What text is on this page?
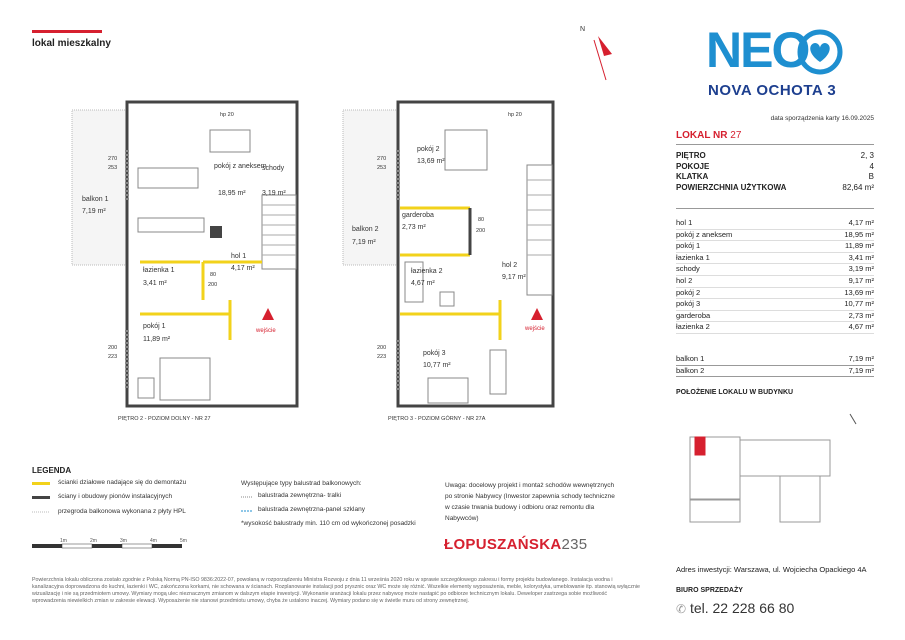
lokal mieszkalny
pokój z aneksem
18,95 m²
schody
3,19 m²
balkon 1
7,19 m²
hol 1
4,17 m²
łazienka 1
3,41 m²
pokój 1
11,89 m²
hp 20
270
253
200
223
80
200
wejście
PIĘTRO 2 - POZIOM DOLNY - NR 27
pokój 2
13,69 m²
balkon 2
7,19 m²
garderoba
2,73 m²
łazienka 2
4,67 m²
hol 2
9,17 m²
pokój 3
10,77 m²
hp 20
270
253
200
223
80
200
wejście
PIĘTRO 3 - POZIOM GÓRNY - NR 27A
N NEO
NOVA OCHOTA 3
data sporządzenia karty 16.09.2025
LOKAL NR 27
PIĘTRO	2, 3
POKOJE	4
KLATKA	B
POWIERZCHNIA UŻYTKOWA	82,64 m²
hol 1	4,17 m²
pokój z aneksem	18,95 m²
pokój 1	11,89 m²
łazienka 1	3,41 m²
schody	3,19 m²
hol 2	9,17 m²
pokój 2	13,69 m²
pokój 3	10,77 m²
garderoba	2,73 m²
łazienka 2	4,67 m²
balkon 1	7,19 m²
balkon 2	7,19 m²
POŁOŻENIE LOKALU W BUDYNKU
Adres inwestycji: Warszawa, ul. Wojciecha Opackiego 4A
BIURO SPRZEDAŻY
✆ tel. 22 228 66 80
LEGENDA
ścianki działowe nadające się do demontażu
ściany i obudowy pionów instalacyjnych
przegroda balkonowa wykonana z płyty HPL
Występujące typy balustrad balkonowych:
balustrada zewnętrzna- tralki
balustrada zewnętrzna-panel szklany
*wysokość balustrady min. 110 cm od wykończonej posadzki
Uwaga: docelowy projekt i montaż schodów wewnętrznych po stronie Nabywcy (Inwestor zapewnia schody techniczne w czasie trwania budowy i odbioru oraz remontu dla Nabywców)
ŁOPUSZAŃSKA235
1m	2m	3m	4m	5m
Powierzchnia lokalu obliczona zostało zgodnie z Polską Normą PN-ISO 9836:2022-07, powołaną w rozporządzeniu Ministra Rozwoju z dnia 11 września 2020 roku w sprawie szczegółowego zakresu i formy projektu budowlanego. Instalacja wodna i kanalizacyjna doprowadzona do kuchni, łazienki i WC, zakończona korkami, nie schowana w ścianach. Rozplanowanie instalacji pod prysznic oraz WC może się różnić. Wszelkie elementy wyposażenia, meble, kolorystyka, umeblowanie itp. stanowią wyłącznie wizualizację i nie są przedmiotem umowy. Wymiary mogą ulec nieznacznym zmianom w dalszym etapie inwestycji. Wykonanie aranżacji lokalu przez nabywcę może nastąpić po odbiorze technicznym lokalu. Deweloper zastrzega sobie możliwość wprowadzenia niewielkich zmian w zakresie elewacji. Wyposażenie nie stanowi przedmiotu umowy, chyba że ustalono inaczej. Wymiary podano się w świetle muru od strony zewnętrznej.
